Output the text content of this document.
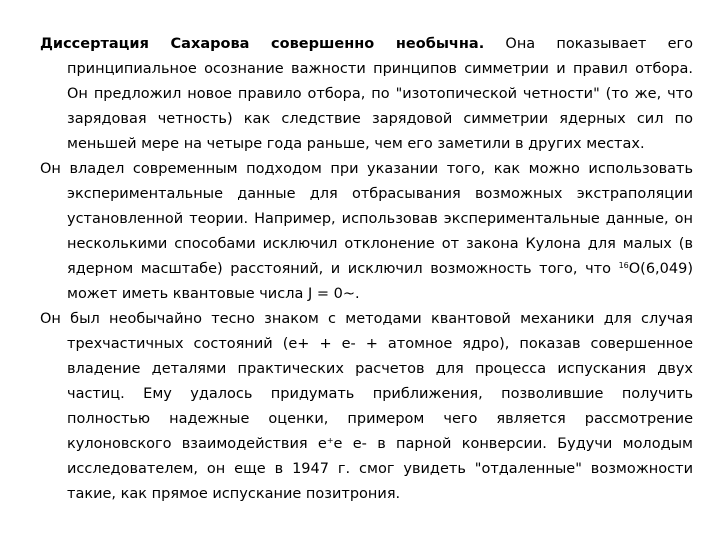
Диссертация Сахарова совершенно необычна. Она показывает его принципиальное осознание важности принципов симметрии и правил отбора. Он предложил новое правило отбора, по "изотопической четности" (то же, что зарядовая четность) как следствие зарядовой симметрии ядерных сил по меньшей мере на четыре года раньше, чем его заметили в других местах.

Он владел современным подходом при указании того, как можно использовать экспериментальные данные для отбрасывания возможных экстраполяции установленной теории. Например, использовав экспериментальные данные, он несколькими способами исключил отклонение от закона Кулона для малых (в ядерном масштабе) расстояний, и исключил возможность того, что $^{16}$O(6,049) может иметь квантовые числа J = 0~.

Он был необычайно тесно знаком с методами квантовой механики для случая трехчастичных состояний (е+ + е- + атомное ядро), показав совершенное владение деталями практических расчетов для процесса испускания двух частиц. Ему удалось придумать приближения, позволившие получить полностью надежные оценки, примером чего является рассмотрение кулоновского взаимодействия e+e e- в парной конверсии. Будучи молодым исследователем, он еще в 1947 г. смог увидеть "отдаленные" возможности такие, как прямое испускание позитрония.
